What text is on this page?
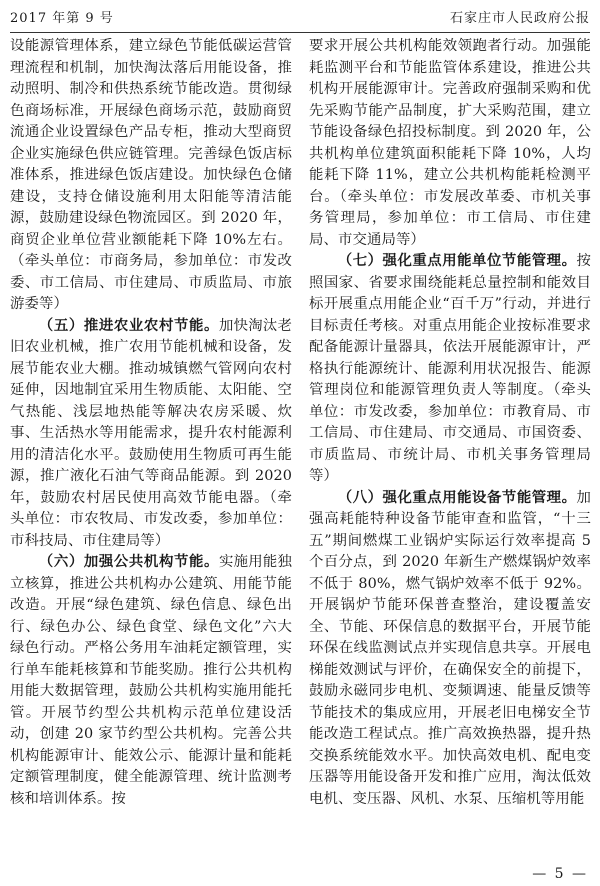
2017 年第 9 号	石家庄市人民政府公报

设能源管理体系，建立绿色节能低碳运营管理流程和机制，加快淘汰落后用能设备，推动照明、制冷和供热系统节能改造。贯彻绿色商场标准，开展绿色商场示范，鼓励商贸流通企业设置绿色产品专柜，推动大型商贸企业实施绿色供应链管理。完善绿色饭店标准体系，推进绿色饭店建设。加快绿色仓储建设，支持仓储设施利用太阳能等清洁能源，鼓励建设绿色物流园区。到 2020 年，商贸企业单位营业额能耗下降 10%左右。（牵头单位：市商务局，参加单位：市发改委、市工信局、市住建局、市质监局、市旅游委等）

（五）推进农业农村节能。加快淘汰老旧农业机械，推广农用节能机械和设备，发展节能农业大棚。推动城镇燃气管网向农村延伸，因地制宜采用生物质能、太阳能、空气热能、浅层地热能等解决农房采暖、炊事、生活热水等用能需求，提升农村能源利用的清洁化水平。鼓励使用生物质可再生能源，推广液化石油气等商品能源。到 2020 年，鼓励农村居民使用高效节能电器。（牵头单位：市农牧局、市发改委，参加单位：市科技局、市住建局等）

（六）加强公共机构节能。实施用能独立核算，推进公共机构办公建筑、用能节能改造。开展“绿色建筑、绿色信息、绿色出行、绿色办公、绿色食堂、绿色文化”六大绿色行动。严格公务用车油耗定额管理，实行单车能耗核算和节能奖励。推行公共机构用能大数据管理，鼓励公共机构实施用能托管。开展节约型公共机构示范单位建设活动，创建 20 家节约型公共机构。完善公共机构能源审计、能效公示、能源计量和能耗定额管理制度，健全能源管理、统计监测考核和培训体系。按

要求开展公共机构能效领跑者行动。加强能耗监测平台和节能监管体系建设，推进公共机构开展能源审计。完善政府强制采购和优先采购节能产品制度，扩大采购范围，建立节能设备绿色招投标制度。到 2020 年，公共机构单位建筑面积能耗下降 10%，人均能耗下降 11%，建立公共机构能耗检测平台。（牵头单位：市发展改革委、市机关事务管理局，参加单位：市工信局、市住建局、市交通局等）

（七）强化重点用能单位节能管理。按照国家、省要求围绕能耗总量控制和能效目标开展重点用能企业“百千万”行动，并进行目标责任考核。对重点用能企业按标准要求配备能源计量器具，依法开展能源审计，严格执行能源统计、能源利用状况报告、能源管理岗位和能源管理负责人等制度。（牵头单位：市发改委，参加单位：市教育局、市工信局、市住建局、市交通局、市国资委、市质监局、市统计局、市机关事务管理局等）

（八）强化重点用能设备节能管理。加强高耗能特种设备节能审查和监管，“十三五”期间燃煤工业锅炉实际运行效率提高 5 个百分点，到 2020 年新生产燃煤锅炉效率不低于 80%，燃气锅炉效率不低于 92%。开展锅炉节能环保普查整治，建设覆盖安全、节能、环保信息的数据平台，开展节能环保在线监测试点并实现信息共享。开展电梯能效测试与评价，在确保安全的前提下，鼓励永磁同步电机、变频调速、能量反馈等节能技术的集成应用，开展老旧电梯安全节能改造工程试点。推广高效换热器，提升热交换系统能效水平。加快高效电机、配电变压器等用能设备开发和推广应用，淘汰低效电机、变压器、风机、水泵、压缩机等用能

— 5 —
